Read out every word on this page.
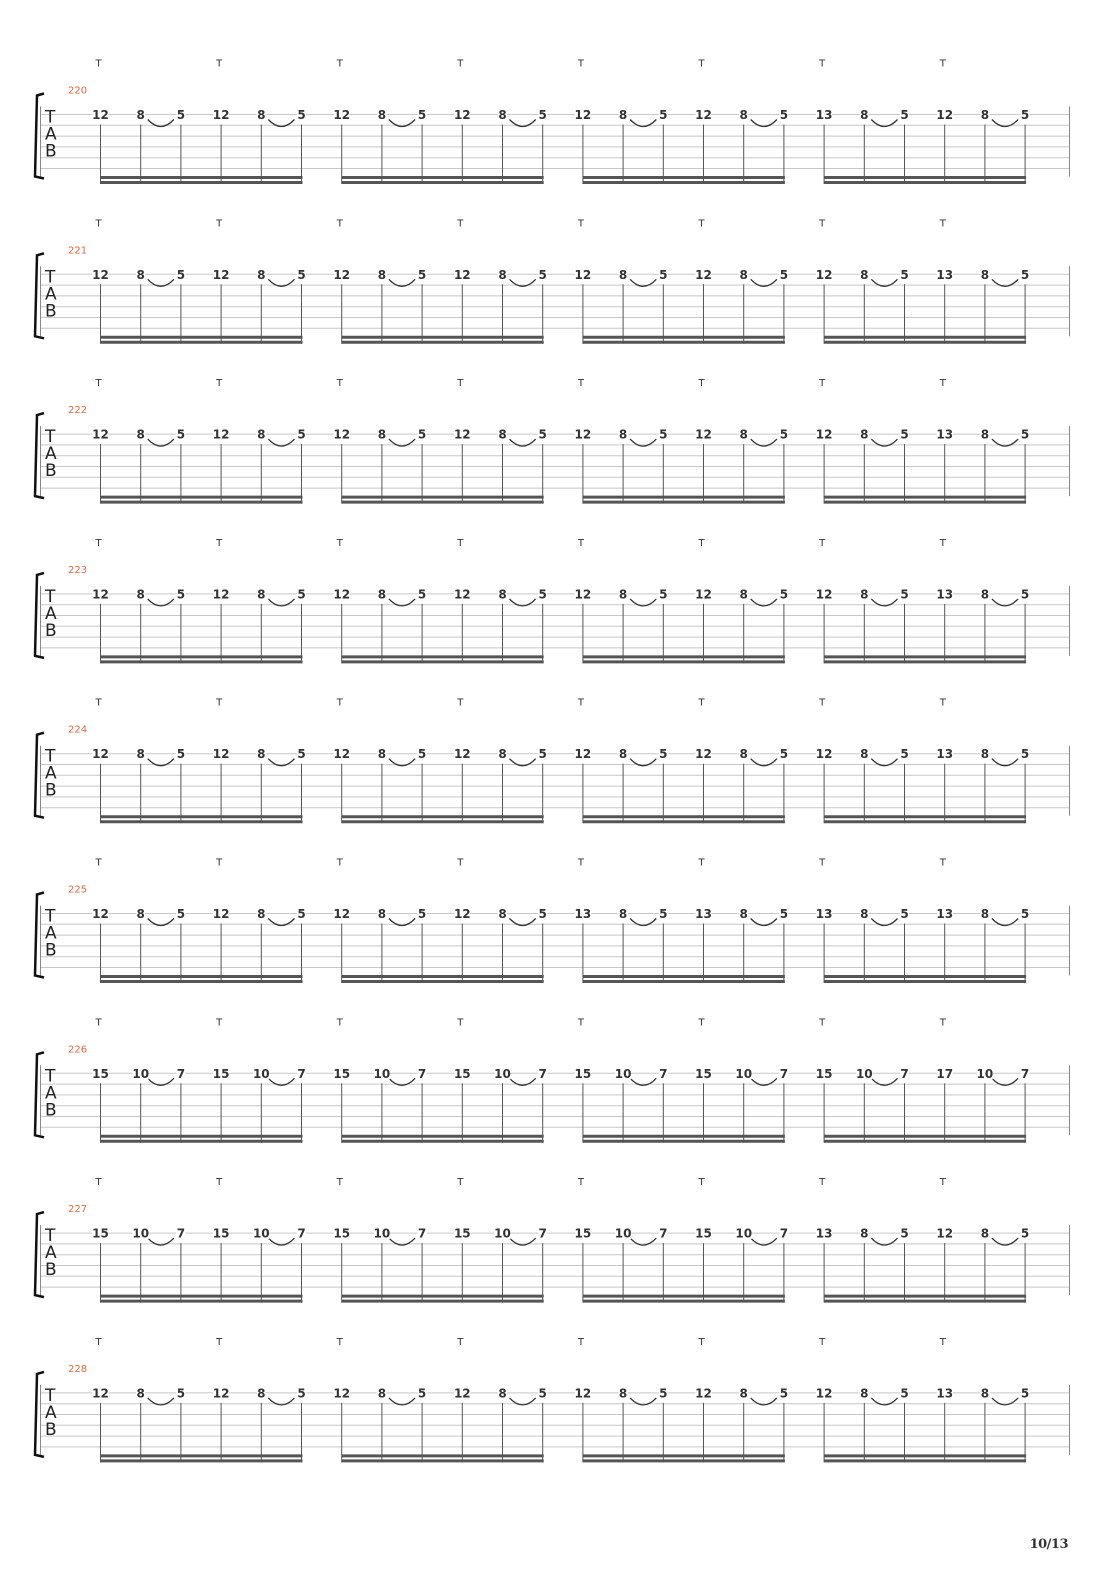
T	T	T	T	T	T	T	T
220
T
A
B
12 8	5 12 8	5 12 8	5 12 8	5 12 8	5 12 8	5 13 8	5 12 8	5
T	T	T	T	T	T	T	T
221
T
A
B
12 8	5 12 8	5 12 8	5 12 8	5 12 8	5 12 8	5 12 8	5 13 8	5
T	T	T	T	T	T	T	T
222
T
A
B
12 8	5 12 8	5 12 8	5 12 8	5 12 8	5 12 8	5 12 8	5 13 8	5
T	T	T	T	T	T	T	T
223
T
A
B
12 8	5 12 8	5 12 8	5 12 8	5 12 8	5 12 8	5 12 8	5 13 8	5
T	T	T	T	T	T	T	T
224
T
A
B
12 8	5 12 8	5 12 8	5 12 8	5 12 8	5 12 8	5 12 8	5 13 8	5
T	T	T	T	T	T	T	T
225
T
A
B
12 8	5 12 8	5 12 8	5 12 8	5 13 8	5 13 8	5 13 8	5 13 8	5
T	T	T	T	T	T	T	T
226
T
A
B
15 10 7 15 10 7 15 10 7 15 10 7 15 10 7 15 10 7 15 10 7 17 10 7
T	T	T	T	T	T	T	T
227
T
A
B
15 10 7 15 10 7 15 10 7 15 10 7 15 10 7 15 10 7 13 8	5 12 8	5
T	T	T	T	T	T	T	T
228
T
A
B
12 8	5 12 8	5 12 8	5 12 8	5 12 8	5 12 8	5 12 8	5 13 8	5
10/13
